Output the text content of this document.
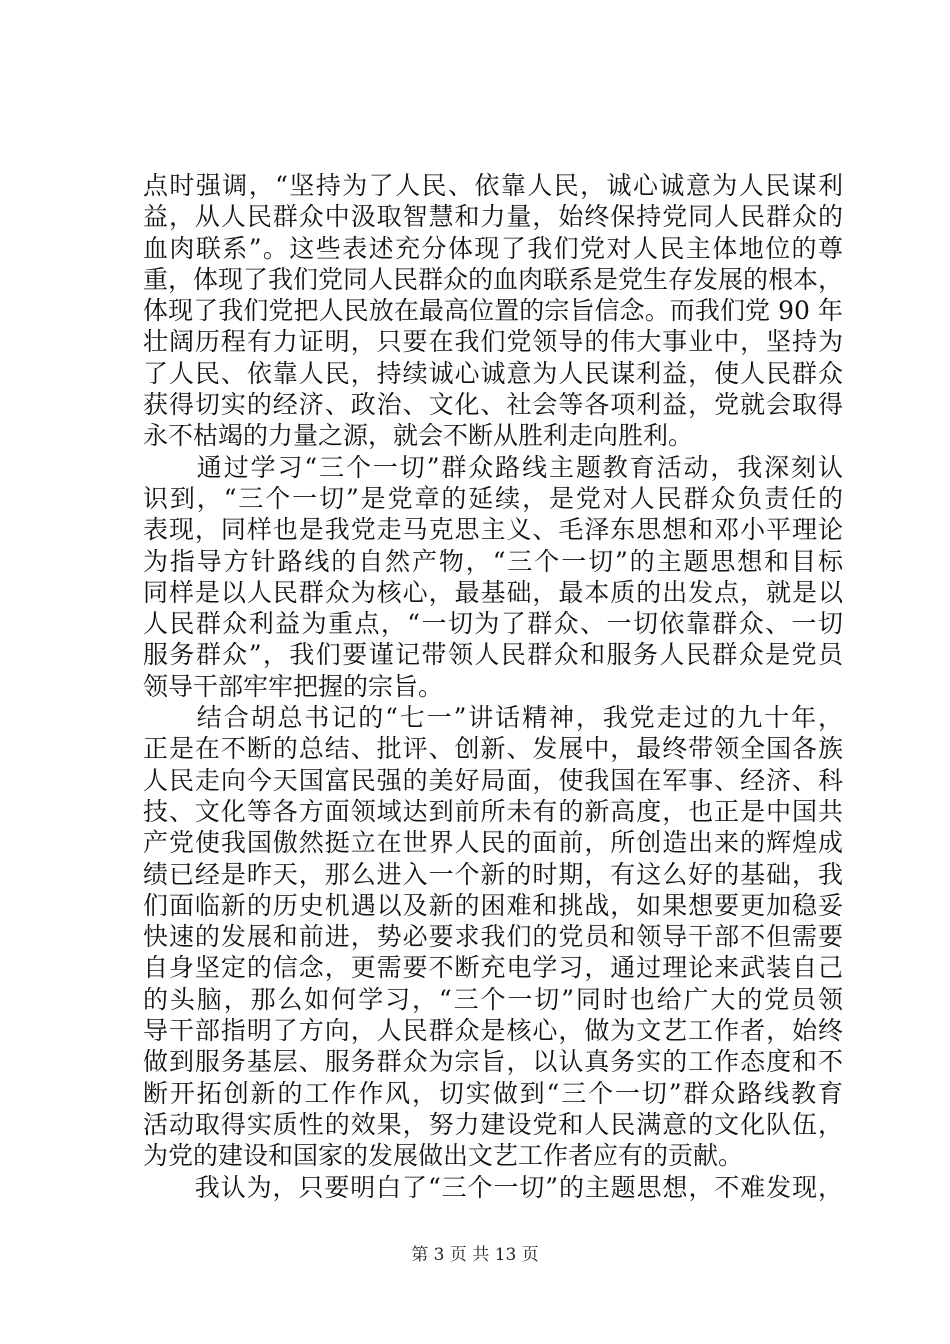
点时强调，“坚持为了人民、依靠人民，诚心诚意为人民谋利
益，从人民群众中汲取智慧和力量，始终保持党同人民群众的
血肉联系”。这些表述充分体现了我们党对人民主体地位的尊
重，体现了我们党同人民群众的血肉联系是党生存发展的根本，
体现了我们党把人民放在最高位置的宗旨信念。而我们党 90 年
壮阔历程有力证明，只要在我们党领导的伟大事业中，坚持为
了人民、依靠人民，持续诚心诚意为人民谋利益，使人民群众
获得切实的经济、政治、文化、社会等各项利益，党就会取得
永不枯竭的力量之源，就会不断从胜利走向胜利。
　　通过学习“三个一切”群众路线主题教育活动，我深刻认
识到，“三个一切”是党章的延续，是党对人民群众负责任的
表现，同样也是我党走马克思主义、毛泽东思想和邓小平理论
为指导方针路线的自然产物，“三个一切”的主题思想和目标
同样是以人民群众为核心，最基础，最本质的出发点，就是以
人民群众利益为重点，“一切为了群众、一切依靠群众、一切
服务群众”，我们要谨记带领人民群众和服务人民群众是党员
领导干部牢牢把握的宗旨。
　　结合胡总书记的“七一”讲话精神，我党走过的九十年，
正是在不断的总结、批评、创新、发展中，最终带领全国各族
人民走向今天国富民强的美好局面，使我国在军事、经济、科
技、文化等各方面领域达到前所未有的新高度，也正是中国共
产党使我国傲然挺立在世界人民的面前，所创造出来的辉煌成
绩已经是昨天，那么进入一个新的时期，有这么好的基础，我
们面临新的历史机遇以及新的困难和挑战，如果想要更加稳妥
快速的发展和前进，势必要求我们的党员和领导干部不但需要
自身坚定的信念，更需要不断充电学习，通过理论来武装自己
的头脑，那么如何学习，“三个一切”同时也给广大的党员领
导干部指明了方向，人民群众是核心，做为文艺工作者，始终
做到服务基层、服务群众为宗旨，以认真务实的工作态度和不
断开拓创新的工作作风，切实做到“三个一切”群众路线教育
活动取得实质性的效果，努力建设党和人民满意的文化队伍，
为党的建设和国家的发展做出文艺工作者应有的贡献。
　　我认为，只要明白了“三个一切”的主题思想，不难发现，
第 3 页 共 13 页
